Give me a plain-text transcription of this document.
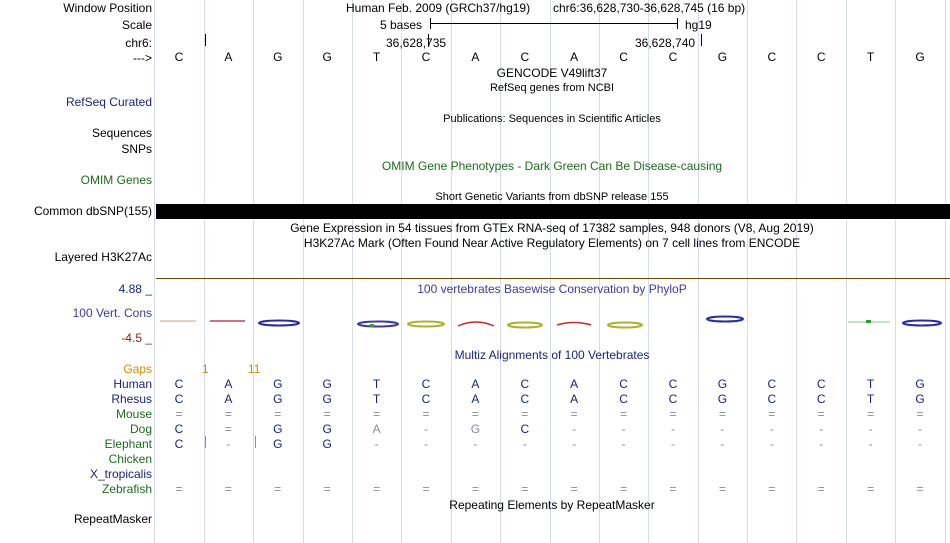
Window Position	Human Feb. 2009 (GRCh37/hg19) chr6:36,628,730-36,628,745 (16 bp)
Scale	5 bases	hg19
chr6:	36,628,735	36,628,740
---> C	A	G	G	T	C	A	C	A	C	C	G	C	C	T	G
GENCODE V49lift37
RefSeq genes from NCBI
RefSeq Curated
Publications: Sequences in Scientific Articles
Sequences
SNPs
OMIM Gene Phenotypes - Dark Green Can Be Disease-causing
OMIM Genes
Short Genetic Variants from dbSNP release 155
Common dbSNP(155)
Gene Expression in 54 tissues from GTEx RNA-seq of 17382 samples, 948 donors (V8, Aug 2019)
H3K27Ac Mark (Often Found Near Active Regulatory Elements) on 7 cell lines from ENCODE
Layered H3K27Ac
4.88 _	100 vertebrates Basewise Conservation by PhyloP
100 Vert. Cons
-4.5 _
Multiz Alignments of 100 Vertebrates
Gaps	1	11
Human C	A	G	G	T	C	A	C	A	C	C	G	C	C	T	G
Rhesus C	A	G	G	T	C	A	C	A	C	C	G	C	C	T	G
Mouse =	=	=	=	=	=	=	=	=	=	=	=	=	=	=	=
Dog C	=	G	G	A	-	G	C	-	-	-	-	-	-	-	-
Elephant C	-	G	G	-	-	-	-	-	-	-	-	-	-	-	-
Chicken
X_tropicalis
Zebrafish =	=	=	=	=	=	=	=	=	=	=	=	=	=	=	=
Repeating Elements by RepeatMasker
RepeatMasker
